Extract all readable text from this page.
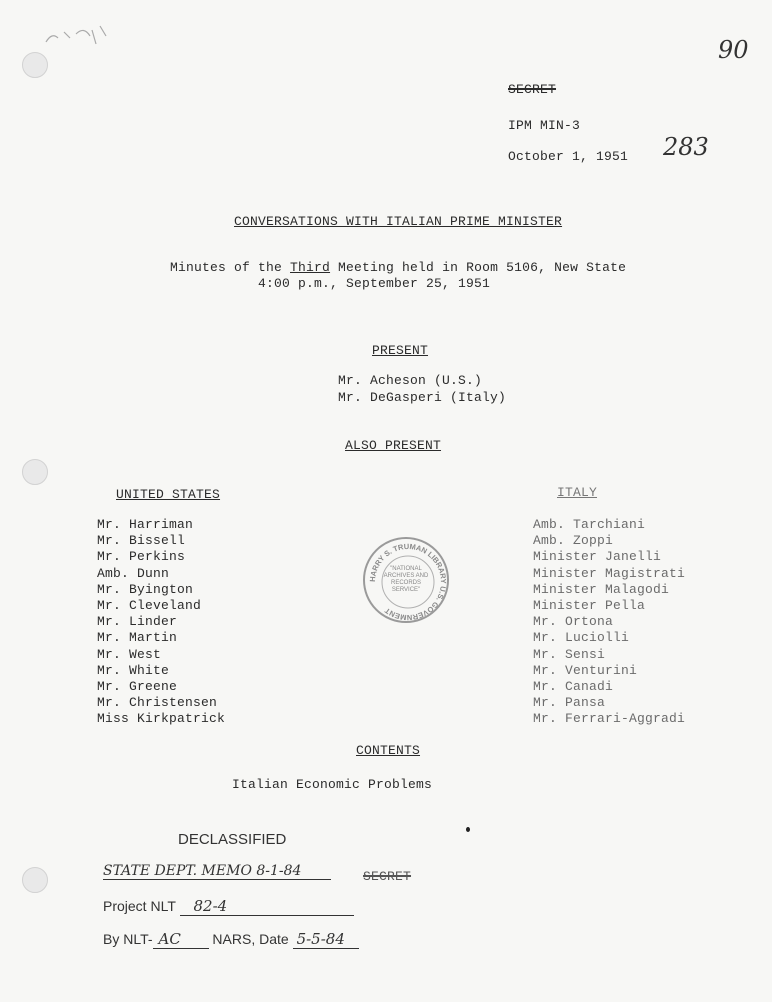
90
SECRET
IPM MIN-3
October 1, 1951 283
CONVERSATIONS WITH ITALIAN PRIME MINISTER
Minutes of the Third Meeting held in Room 5106, New State
4:00 p.m., September 25, 1951
PRESENT
Mr. Acheson (U.S.)
Mr. DeGasperi (Italy)
ALSO PRESENT
UNITED STATES	ITALY
Mr. Harriman
Mr. Bissell
Mr. Perkins
Amb. Dunn
Mr. Byington
Mr. Cleveland
Mr. Linder
Mr. Martin
Mr. West
Mr. White
Mr. Greene
Mr. Christensen
Miss Kirkpatrick
Amb. Tarchiani
Amb. Zoppi
Minister Janelli
Minister Magistrati
Minister Malagodi
Minister Pella
Mr. Ortona
Mr. Luciolli
Mr. Sensi
Mr. Venturini
Mr. Canadi
Mr. Pansa
Mr. Ferrari-Aggradi
HARRY S. TRUMAN LIBRARY U.S. GOVERNMENT
"NATIONAL ARCHIVES AND RECORDS SERVICE"
CONTENTS
Italian Economic Problems
DECLASSIFIED
STATE DEPT. MEMO 8-1-84	SECRET
Project NLT 82-4
By NLT- AC NARS, Date 5-5-84
